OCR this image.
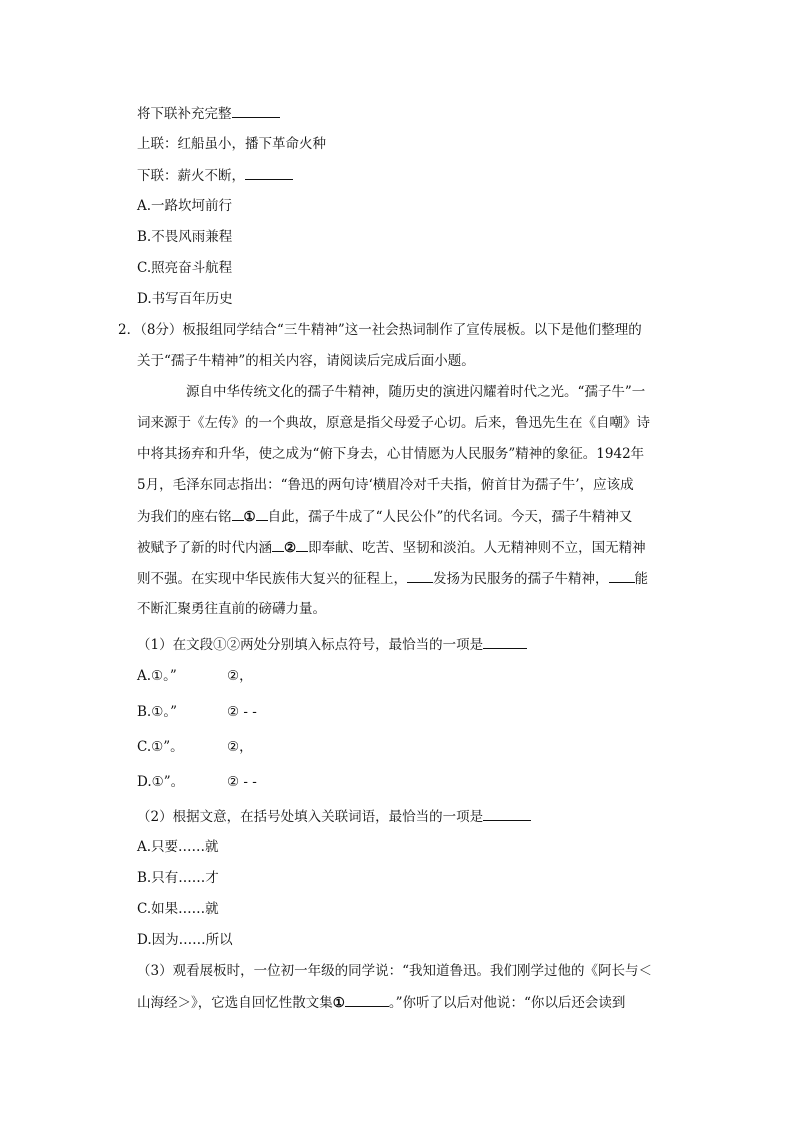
将下联补充完整
上联：红船虽小，播下革命火种
下联：薪火不断，
A.一路坎坷前行
B.不畏风雨兼程
C.照亮奋斗航程
D.书写百年历史
2．（8分）板报组同学结合“三牛精神”这一社会热词制作了宣传展板。以下是他们整理的
关于“孺子牛精神”的相关内容，请阅读后完成后面小题。
源自中华传统文化的孺子牛精神，随历史的演进闪耀着时代之光。“孺子牛”一
词来源于《左传》的一个典故，原意是指父母爱子心切。后来，鲁迅先生在《自嘲》诗
中将其扬弃和升华，使之成为“俯下身去，心甘情愿为人民服务”精神的象征。1942年
5月，毛泽东同志指出：“鲁迅的两句诗‘横眉冷对千夫指，俯首甘为孺子牛’，应该成
为我们的座右铭 ① 自此，孺子牛成了“人民公仆”的代名词。今天，孺子牛精神又
被赋予了新的时代内涵 ② 即奉献、吃苦、坚韧和淡泊。人无精神则不立，国无精神
则不强。在实现中华民族伟大复兴的征程上， 发扬为民服务的孺子牛精神， 能
不断汇聚勇往直前的磅礴力量。
（1）在文段①②两处分别填入标点符号，最恰当的一项是
A.①。”	②，
B.①。”	② - -
C.①”。	②，
D.①”。	② - -
（2）根据文意，在括号处填入关联词语，最恰当的一项是
A.只要……就
B.只有……才
C.如果……就
D.因为……所以
（3）观看展板时，一位初一年级的同学说：“我知道鲁迅。我们刚学过他的《阿长与＜
山海经＞》，它选自回忆性散文集①	。”你听了以后对他说：“你以后还会读到
